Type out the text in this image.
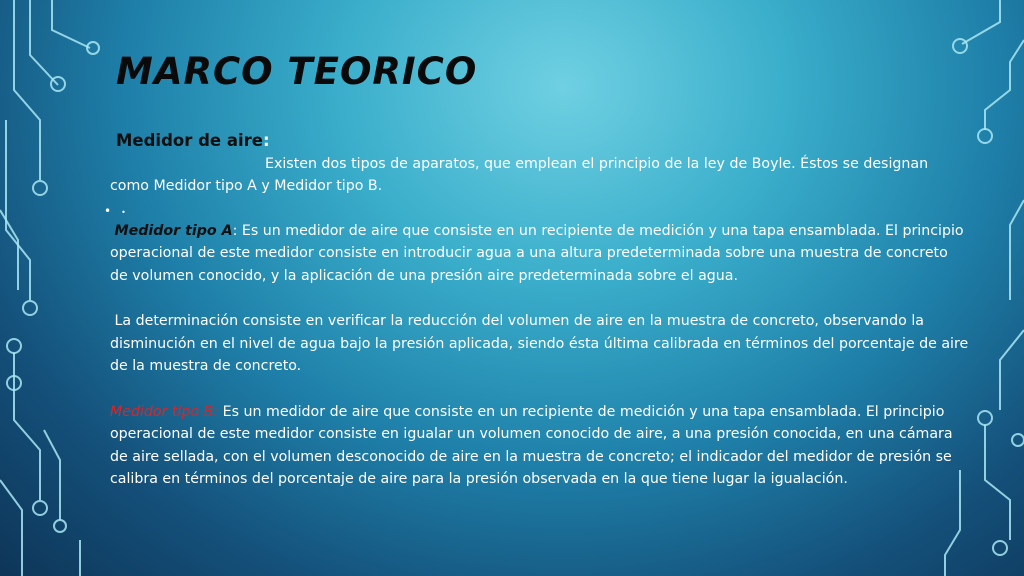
MARCO TEORICO

Medidor de aire:

Existen dos tipos de aparatos, que emplean el principio de la ley de Boyle. Éstos se designan como Medidor tipo A y Medidor tipo B.

• •

Medidor tipo A: Es un medidor de aire que consiste en un recipiente de medición y una tapa ensamblada. El principio operacional de este medidor consiste en introducir agua a una altura predeterminada sobre una muestra de concreto de volumen conocido, y la aplicación de una presión aire predeterminada sobre el agua.

La determinación consiste en verificar la reducción del volumen de aire en la muestra de concreto, observando la disminución en el nivel de agua bajo la presión aplicada, siendo ésta última calibrada en términos del porcentaje de aire de la muestra de concreto.

Medidor tipo B: Es un medidor de aire que consiste en un recipiente de medición y una tapa ensamblada. El principio operacional de este medidor consiste en igualar un volumen conocido de aire, a una presión conocida, en una cámara de aire sellada, con el volumen desconocido de aire en la muestra de concreto; el indicador del medidor de presión se calibra en términos del porcentaje de aire para la presión observada en la que tiene lugar la igualación.
